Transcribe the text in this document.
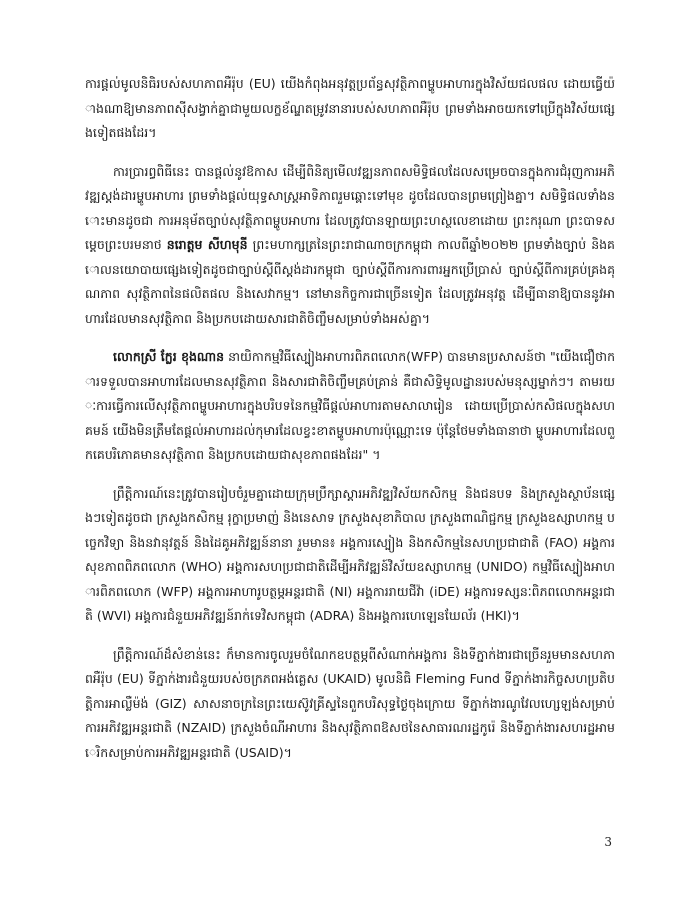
ការផ្តល់មូលនិធិរបស់សហភាពអឺរ៉ុប (EU) យើងកំពុងអនុវត្តប្រព័ន្ធសុវត្ថិភាពម្ហូបអាហារក្នុងវិស័យជលផល ដោយធ្វើយ៉ាងណាឱ្យមានភាពស៊ីសង្វាក់គ្នាជាមួយលក្ខខ័ណ្ឌតម្រូវនានារបស់សហភាពអឺរ៉ុប ព្រមទាំងអាចយកទៅប្រើក្នុងវិស័យផ្សេងទៀតផងដែរ។

ការប្រារព្ធពិធីនេះ បានផ្តល់នូវឱកាស ដើម្បីពិនិត្យមើលវឌ្ឍនភាពសមិទ្ធិផលដែលសម្រេចបានក្នុងការជំរុញការអភិវឌ្ឍស្តង់ដារម្ហូបអាហារ ព្រមទាំងផ្តល់យុទ្ធសាស្រ្តអាទិភាពរួមឆ្ពោះទៅមុខ ដូចដែលបានព្រមព្រៀងគ្នា។ សមិទ្ធិផលទាំងនោះមានដូចជា ការអនុម័តច្បាប់សុវត្ថិភាពម្ហូបអាហារ ដែលត្រូវបានឡាយព្រះហស្ថលេខាដោយ ព្រះករុណា ព្រះបាទសម្តេចព្រះបរមនាថ នរោត្តម សីហមុនី ព្រះមហាក្សត្រនៃព្រះរាជាណាចក្រកម្ពុជា កាលពីឆ្នាំ២០២២ ព្រមទាំងច្បាប់ និងគោលនយោបាយផ្សេងទៀតដូចជាច្បាប់ស្តីពីស្តង់ដារកម្ពុជា ច្បាប់ស្តីពីការការពារអ្នកប្រើប្រាស់ ច្បាប់ស្តីពីការគ្រប់គ្រងគុណភាព សុវត្ថិភាពនៃផលិតផល និងសេវាកម្ម។ នៅមានកិច្ចការជាច្រើនទៀត ដែលត្រូវអនុវត្ត ដើម្បីធានាឱ្យបាននូវអាហារដែលមានសុវត្ថិភាព និងប្រកបដោយសារជាតិចិញ្ចឹមសម្រាប់ទាំងអស់គ្នា។

លោកស្រី ក្លែរ ខុងណាន នាយិកាកម្មវិធីស្បៀងអាហារពិភពលោក(WFP) បានមានប្រសាសន៍ថា "យើងជឿថាការទទួលបានអាហារដែលមានសុវត្ថិភាព និងសារជាតិចិញ្ចឹមគ្រប់គ្រាន់ គឺជាសិទ្ធិមូលដ្ឋានរបស់មនុស្សម្នាក់ៗ។ តាមរយៈការធ្វើការលើសុវត្ថិភាពម្ហូបអាហារក្នុងបរិបទនៃកម្មវិធីផ្តល់អាហារតាមសាលារៀន ដោយប្រើប្រាស់កសិផលក្នុងសហគមន៍ យើងមិនត្រឹមតែផ្តល់អាហារដល់កុមារដែលខ្វះខាតម្ហូបអាហារប៉ុណ្ណោះទេ ប៉ុន្តែថែមទាំងធានាថា ម្ហូបអាហារដែលពួកគេបរិភោគមានសុវត្ថិភាព និងប្រកបដោយជាសុខភាពផងដែរ" ។

ព្រឹត្តិការណ៍នេះត្រូវបានរៀបចំរួមគ្នាដោយក្រុមប្រឹក្សាស្តារអភិវឌ្ឍវិស័យកសិកម្ម និងជនបទ និងក្រសួងស្ថាប័នផ្សេងៗទៀតដូចជា ក្រសួងកសិកម្ម រុក្ខាប្រមាញ់ និងនេសាទ ក្រសួងសុខាភិបាល ក្រសួងពាណិជ្ជកម្ម ក្រសួងឧស្សាហកម្ម បច្ចេកវិទ្យា និងនវានុវត្តន៍ និងដៃគូអភិវឌ្ឍន៍នានា រួមមាន៖ អង្គការស្បៀង និងកសិកម្មនៃសហប្រជាជាតិ (FAO) អង្គការសុខភាពពិភពលោក (WHO) អង្គការសហប្រជាជាតិដើម្បីអភិវឌ្ឍន៍វិស័យឧស្សាហកម្ម (UNIDO) កម្មវិធីស្បៀងអាហារពិភពលោក (WFP) អង្គការអាហារូបត្ថម្ភអន្តរជាតិ (NI) អង្គការរាយជីវ៉ា (iDE) អង្គការទស្សនៈពិភពលោកអន្តរជាតិ (WVI) អង្គការជំនួយអភិវឌ្ឍន៍រាក់ទេវិសកម្ពុជា (ADRA) និងអង្គការហេឡេនឃែល័រ (HKI)។

ព្រឹត្តិការណ៍ដ៏សំខាន់នេះ ក៏មានការចូលរួមចំណែកឧបត្ថម្ភពីសំណាក់អង្គការ និងទីភ្នាក់ងារជាច្រើនរួមមានសហភាពអឺរ៉ុប (EU) ទីភ្នាក់ងារជំនួយរបស់ចក្រភពអង់គ្លេស (UKAID) មូលនិធិ Fleming Fund ទីភ្នាក់ងារកិច្ចសហប្រតិបត្តិការអាល្លឺម៉ង់ (GIZ) សាសនាចក្រនៃព្រះយេស៊ូវគ្រីស្ទនៃពួកបរិសុទ្ធថ្ងៃចុងក្រោយ ទីភ្នាក់ងារណូវែលហ្សេឡង់សម្រាប់ការអភិវឌ្ឍអន្តរជាតិ (NZAID) ក្រសួងចំណីអាហារ និងសុវត្ថិភាពឱសថនៃសាធារណរដ្ឋកូរ៉េ និងទីភ្នាក់ងារសហរដ្ឋអាមេរិកសម្រាប់ការអភិវឌ្ឍអន្តរជាតិ (USAID)។

3
